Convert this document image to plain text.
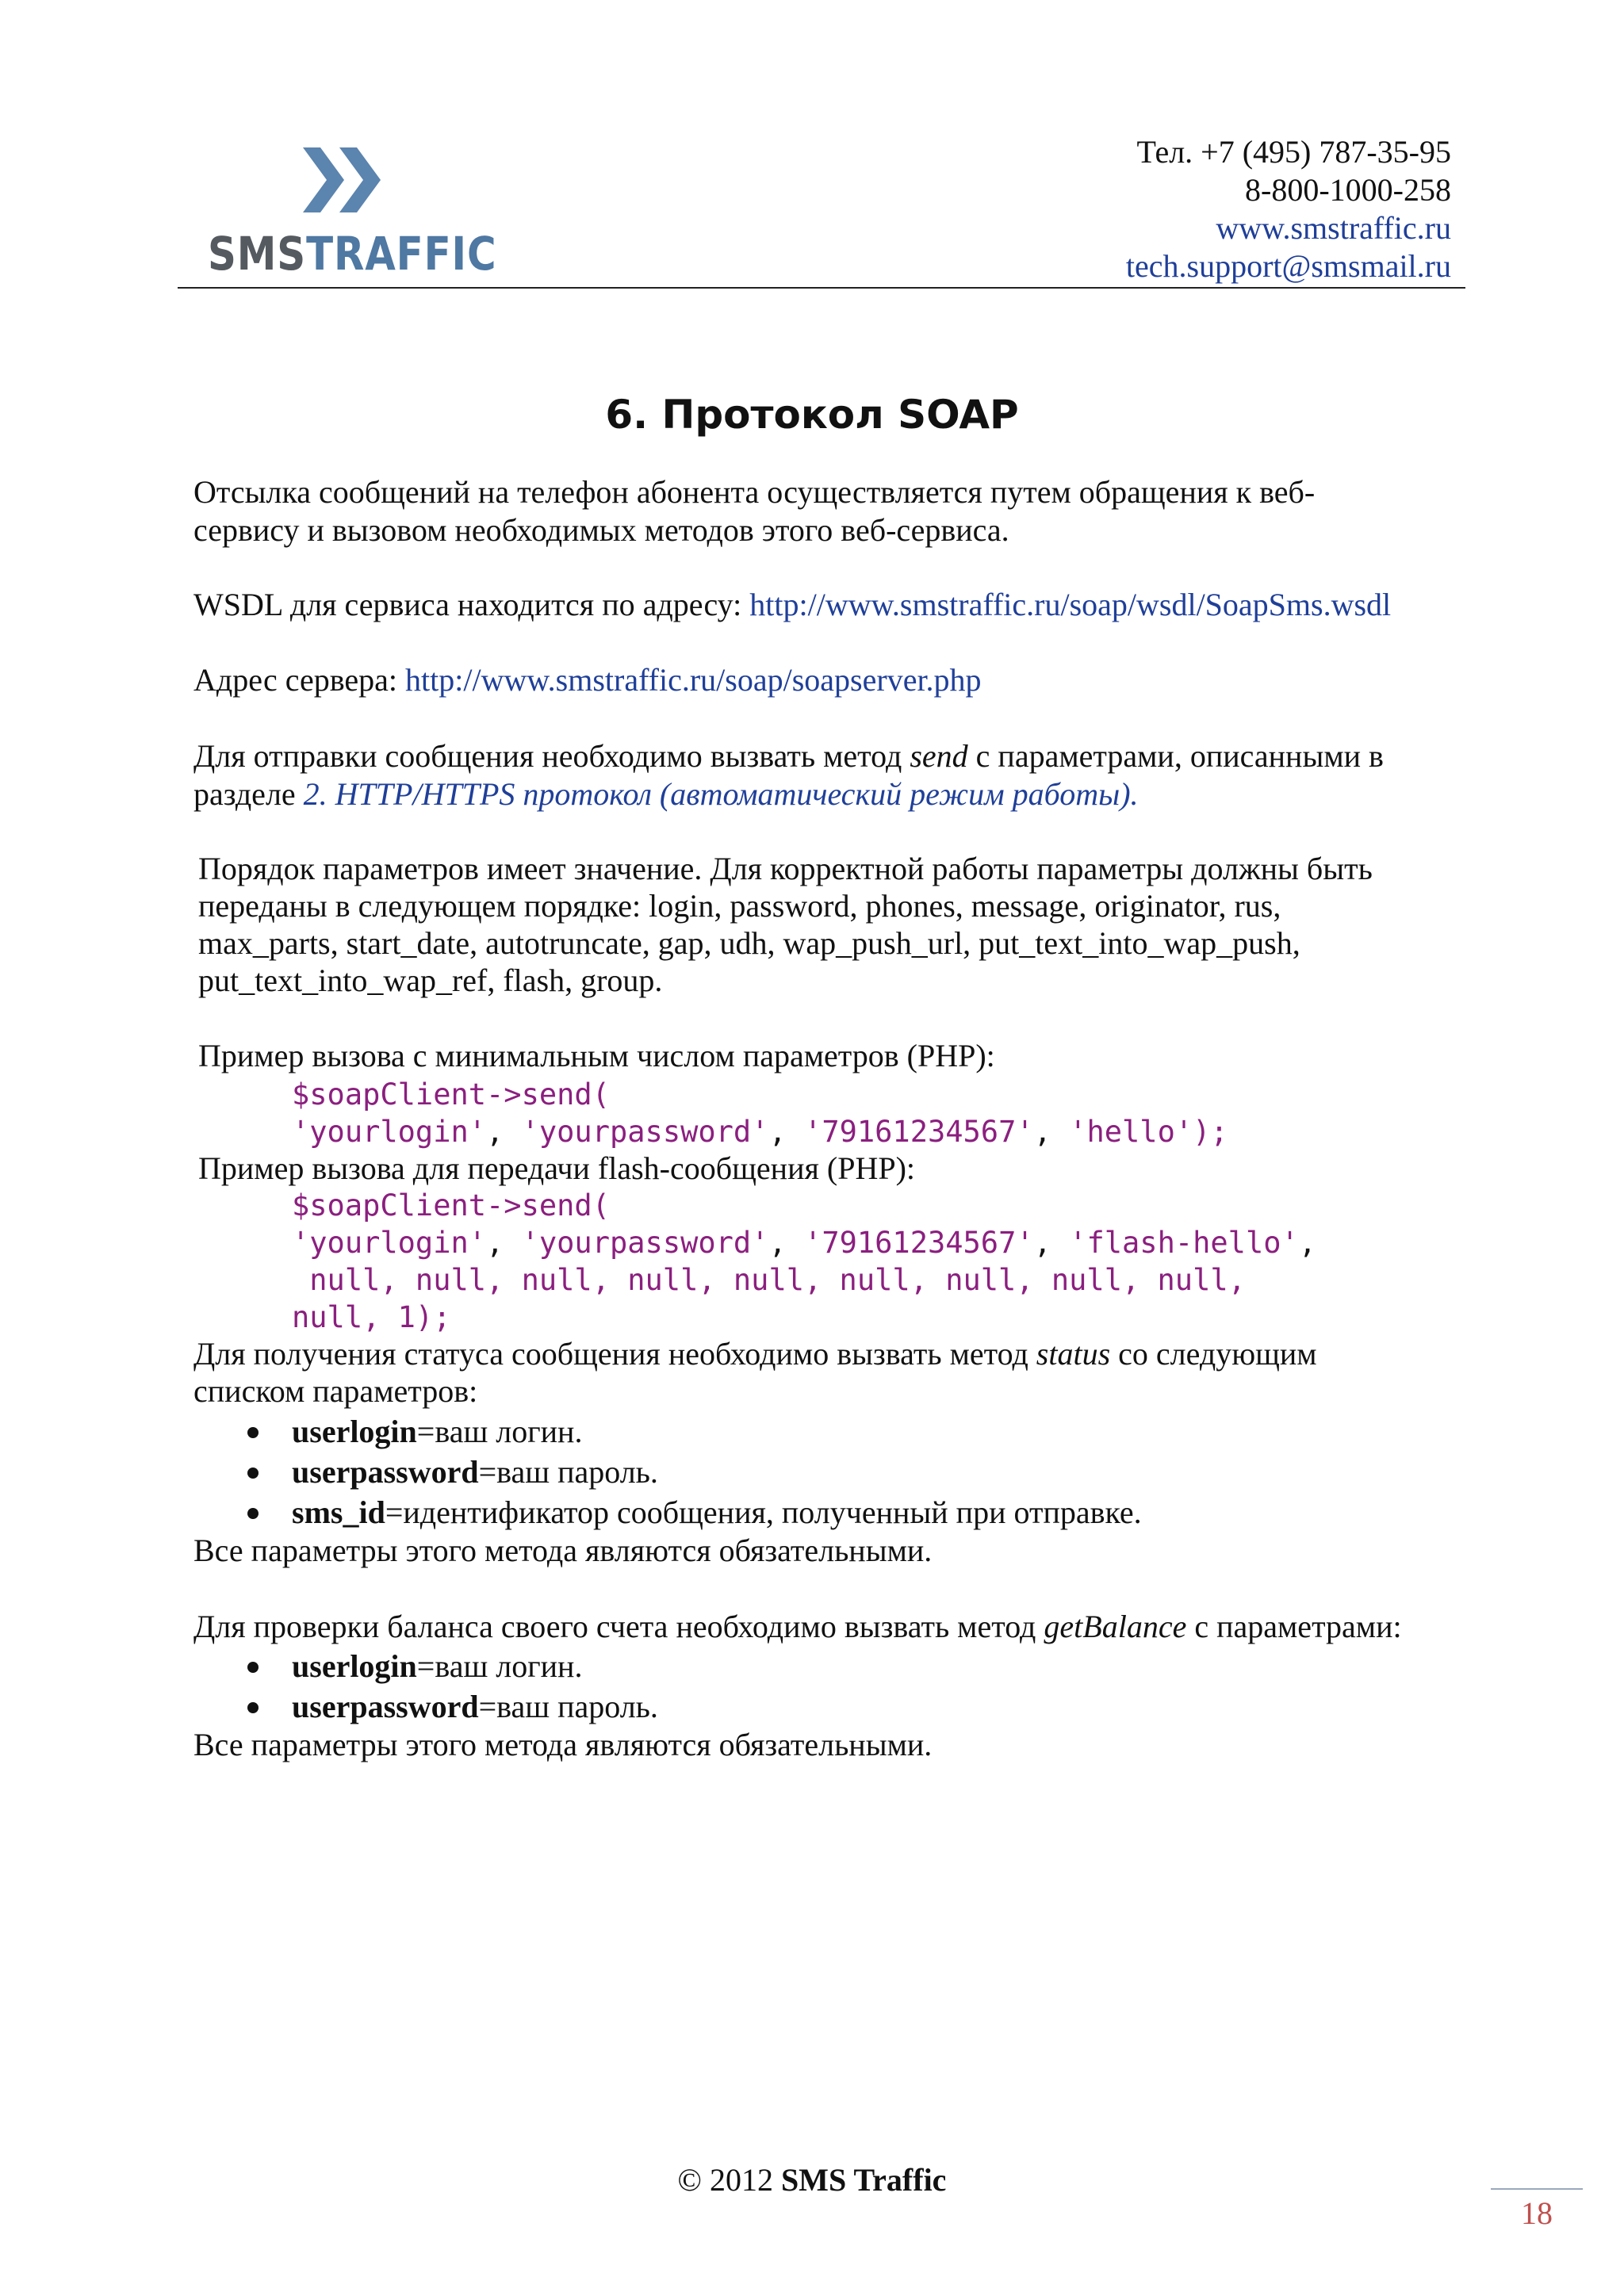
SMSTRAFFIC
Тел. +7 (495) 787-35-95
8-800-1000-258
www.smstraffic.ru
tech.support@smsmail.ru
6. Протокол SOAP
Отсылка сообщений на телефон абонента осуществляется путем обращения к веб-
сервису и вызовом необходимых методов этого веб-сервиса.
WSDL для сервиса находится по адресу: http://www.smstraffic.ru/soap/wsdl/SoapSms.wsdl
Адрес сервера: http://www.smstraffic.ru/soap/soapserver.php
Для отправки сообщения необходимо вызвать метод send с параметрами, описанными в
разделе 2. HTTP/HTTPS протокол (автоматический режим работы).
Порядок параметров имеет значение. Для корректной работы параметры должны быть
переданы в следующем порядке: login, password, phones, message, originator, rus,
max_parts, start_date, autotruncate, gap, udh, wap_push_url, put_text_into_wap_push,
put_text_into_wap_ref, flash, group.
Пример вызова с минимальным числом параметров (PHP):
$soapClient->send(
'yourlogin', 'yourpassword', '79161234567', 'hello');
Пример вызова для передачи flash-сообщения (PHP):
$soapClient->send(
'yourlogin', 'yourpassword', '79161234567', 'flash-hello',
null, null, null, null, null, null, null, null, null,
null, 1);
Для получения статуса сообщения необходимо вызвать метод status со следующим
списком параметров:
userlogin=ваш логин.
userpassword=ваш пароль.
sms_id=идентификатор сообщения, полученный при отправке.
Все параметры этого метода являются обязательными.
Для проверки баланса своего счета необходимо вызвать метод getBalance с параметрами:
userlogin=ваш логин.
userpassword=ваш пароль.
Все параметры этого метода являются обязательными.
© 2012 SMS Traffic
18
